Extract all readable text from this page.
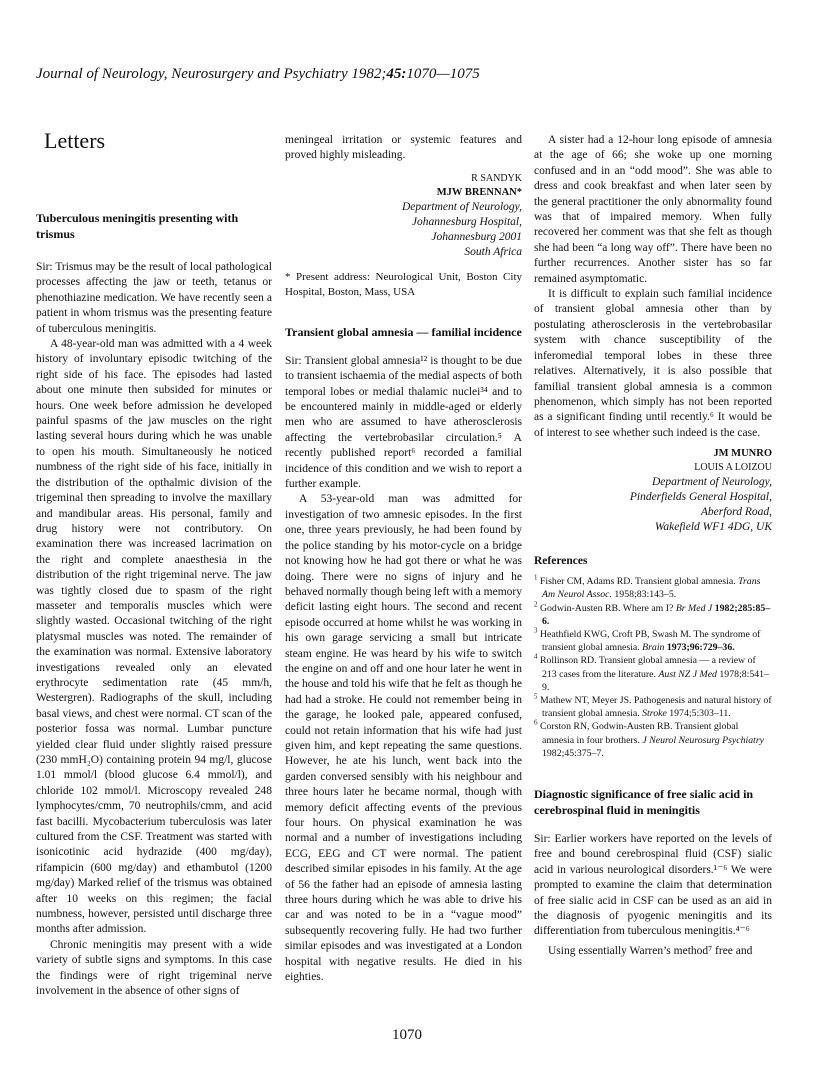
Journal of Neurology, Neurosurgery and Psychiatry 1982;45:1070—1075
Letters
Tuberculous meningitis presenting with trismus

Sir: Trismus may be the result of local pathological processes affecting the jaw or teeth, tetanus or phenothiazine medication. We have recently seen a patient in whom trismus was the presenting feature of tuberculous meningitis.

A 48-year-old man was admitted with a 4 week history of involuntary episodic twitching of the right side of his face. The episodes had lasted about one minute then subsided for minutes or hours. One week before admission he developed painful spasms of the jaw muscles on the right lasting several hours during which he was unable to open his mouth. Simultaneously he noticed numbness of the right side of his face, initially in the distribution of the opthalmic division of the trigeminal then spreading to involve the maxillary and mandibular areas. His personal, family and drug history were not contributory. On examination there was increased lacrimation on the right and complete anaesthesia in the distribution of the right trigeminal nerve. The jaw was tightly closed due to spasm of the right masseter and temporalis muscles which were slightly wasted. Occasional twitching of the right platysmal muscles was noted. The remainder of the examination was normal. Extensive laboratory investigations revealed only an elevated erythrocyte sedimentation rate (45 mm/h, Westergren). Radiographs of the skull, including basal views, and chest were normal. CT scan of the posterior fossa was normal. Lumbar puncture yielded clear fluid under slightly raised pressure (230 mmH₂O) containing protein 94 mg/l, glucose 1.01 mmol/l (blood glucose 6.4 mmol/l), and chloride 102 mmol/l. Microscopy revealed 248 lymphocytes/cmm, 70 neutrophils/cmm, and acid fast bacilli. Mycobacterium tuberculosis was later cultured from the CSF. Treatment was started with isonicotinic acid hydrazide (400 mg/day), rifampicin (600 mg/day) and ethambutol (1200 mg/day) Marked relief of the trismus was obtained after 10 weeks on this regimen; the facial numbness, however, persisted until discharge three months after admission.

Chronic meningitis may present with a wide variety of subtle signs and symptoms. In this case the findings were of right trigeminal nerve involvement in the absence of other signs of

meningeal irritation or systemic features and proved highly misleading.

R SANDYK
MJW BRENNAN*
Department of Neurology,
Johannesburg Hospital,
Johannesburg 2001
South Africa

* Present address: Neurological Unit, Boston City Hospital, Boston, Mass, USA

Transient global amnesia — familial incidence

Sir: Transient global amnesia¹² is thought to be due to transient ischaemia of the medial aspects of both temporal lobes or medial thalamic nuclei³⁴ and to be encountered mainly in middle-aged or elderly men who are assumed to have atherosclerosis affecting the vertebrobasilar circulation.⁵ A recently published report⁶ recorded a familial incidence of this condition and we wish to report a further example.

A 53-year-old man was admitted for investigation of two amnesic episodes. In the first one, three years previously, he had been found by the police standing by his motor-cycle on a bridge not knowing how he had got there or what he was doing. There were no signs of injury and he behaved normally though being left with a memory deficit lasting eight hours. The second and recent episode occurred at home whilst he was working in his own garage servicing a small but intricate steam engine. He was heard by his wife to switch the engine on and off and one hour later he went in the house and told his wife that he felt as though he had had a stroke. He could not remember being in the garage, he looked pale, appeared confused, could not retain information that his wife had just given him, and kept repeating the same questions. However, he ate his lunch, went back into the garden conversed sensibly with his neighbour and three hours later he became normal, though with memory deficit affecting events of the previous four hours. On physical examination he was normal and a number of investigations including ECG, EEG and CT were normal. The patient described similar episodes in his family. At the age of 56 the father had an episode of amnesia lasting three hours during which he was able to drive his car and was noted to be in a “vague mood” subsequently recovering fully. He had two further similar episodes and was investigated at a London hospital with negative results. He died in his eighties.

A sister had a 12-hour long episode of amnesia at the age of 66; she woke up one morning confused and in an “odd mood”. She was able to dress and cook breakfast and when later seen by the general practitioner the only abnormality found was that of impaired memory. When fully recovered her comment was that she felt as though she had been “a long way off”. There have been no further recurrences. Another sister has so far remained asymptomatic.

It is difficult to explain such familial incidence of transient global amnesia other than by postulating atherosclerosis in the vertebrobasilar system with chance susceptibility of the inferomedial temporal lobes in these three relatives. Alternatively, it is also possible that familial transient global amnesia is a common phenomenon, which simply has not been reported as a significant finding until recently.⁶ It would be of interest to see whether such indeed is the case.

JM MUNRO
LOUIS A LOIZOU
Department of Neurology,
Pinderfields General Hospital,
Aberford Road,
Wakefield WF1 4DG, UK
References

$^1$ Fisher CM, Adams RD. Transient global amnesia. Trans Am Neurol Assoc. 1958;83:143–5.

$^2$ Godwin-Austen RB. Where am I? Br Med J 1982;285:85–6.

$^3$ Heathfield KWG, Croft PB, Swash M. The syndrome of transient global amnesia. Brain 1973;96:729–36.

$^4$ Rollinson RD. Transient global amnesia — a review of 213 cases from the literature. Aust NZ J Med 1978;8:541–9.

$^5$ Mathew NT, Meyer JS. Pathogenesis and natural history of transient global amnesia. Stroke 1974;5:303–11.

$^6$ Corston RN, Godwin-Austen RB. Transient global amnesia in four brothers. J Neurol Neurosurg Psychiatry 1982;45:375–7.

Diagnostic significance of free sialic acid in cerebrospinal fluid in meningitis

Sir: Earlier workers have reported on the levels of free and bound cerebrospinal fluid (CSF) sialic acid in various neurological disorders.¹⁻⁶ We were prompted to examine the claim that determination of free sialic acid in CSF can be used as an aid in the diagnosis of pyogenic meningitis and its differentiation from tuberculous meningitis.⁴⁻⁶

Using essentially Warren’s method⁷ free and

1070
